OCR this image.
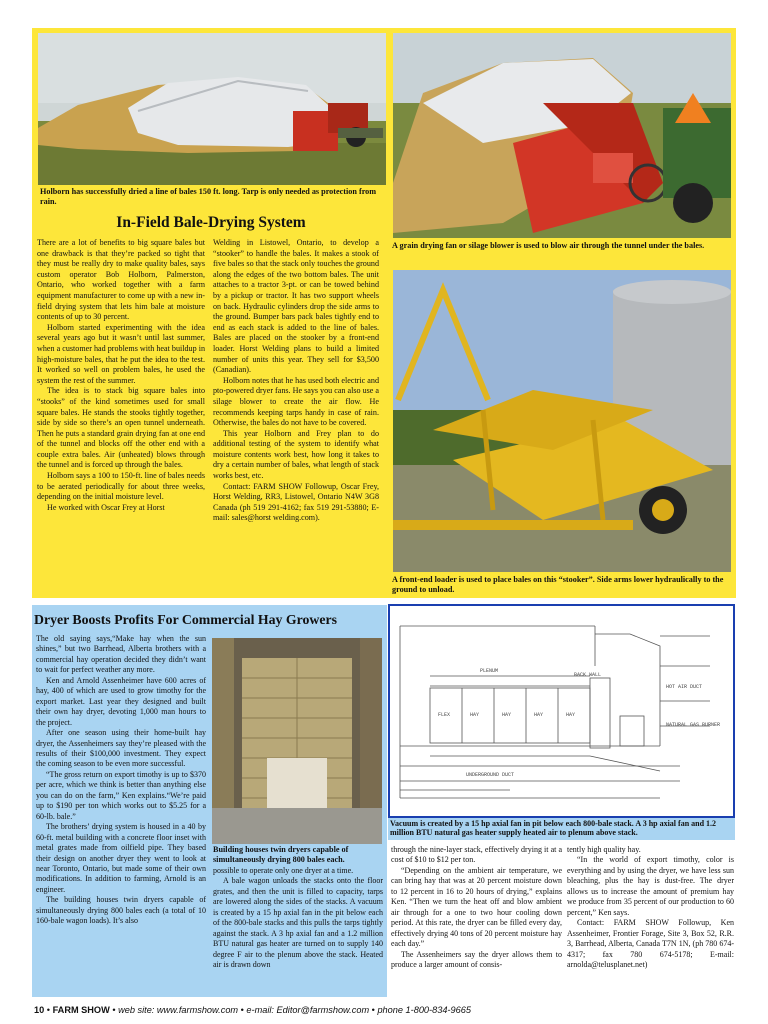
Holborn has successfully dried a line of bales 150 ft. long. Tarp is only needed as protection from rain.
A grain drying fan or silage blower is used to blow air through the tunnel under the bales.
A front-end loader is used to place bales on this “stooker”. Side arms lower hydraulically to the ground to unload.
In-Field Bale-Drying System

There are a lot of benefits to big square bales but one drawback is that they’re packed so tight that they must be really dry to make quality bales, says custom operator Bob Holborn, Palmerston, Ontario, who worked together with a farm equipment manufacturer to come up with a new in-field drying system that lets him bale at moisture contents of up to 30 percent.

Holborn started experimenting with the idea several years ago but it wasn’t until last summer, when a customer had problems with heat buildup in high-moisture bales, that he put the idea to the test. It worked so well on problem bales, he used the system the rest of the summer.

The idea is to stack big square bales into “stooks” of the kind sometimes used for small square bales. He stands the stooks tightly together, side by side so there’s an open tunnel underneath. Then he puts a standard grain drying fan at one end of the tunnel and blocks off the other end with a couple extra bales. Air (unheated) blows through the tunnel and is forced up through the bales.

Holborn says a 100 to 150-ft. line of bales needs to be aerated periodically for about three weeks, depending on the initial moisture level.

He worked with Oscar Frey at Horst

Welding in Listowel, Ontario, to develop a “stooker” to handle the bales. It makes a stook of five bales so that the stack only touches the ground along the edges of the two bottom bales. The unit attaches to a tractor 3-pt. or can be towed behind by a pickup or tractor. It has two support wheels on back. Hydraulic cylinders drop the side arms to the ground. Bumper bars pack bales tightly end to end as each stack is added to the line of bales. Bales are placed on the stooker by a front-end loader. Horst Welding plans to build a limited number of units this year. They sell for $3,500 (Canadian).

Holborn notes that he has used both electric and pto-powered dryer fans. He says you can also use a silage blower to create the air flow. He recommends keeping tarps handy in case of rain. Otherwise, the bales do not have to be covered.

This year Holborn and Frey plan to do additional testing of the system to identify what moisture contents work best, how long it takes to dry a certain number of bales, what length of stack works best, etc.

Contact: FARM SHOW Followup, Oscar Frey, Horst Welding, RR3, Listowel, Ontario N4W 3G8 Canada (ph 519 291-4162; fax 519 291-53880; E-mail: sales@horst welding.com).

Dryer Boosts Profits For Commercial Hay Growers
Building houses twin dryers capable of simultaneously drying 800 bales each.
PLENUM
FLEX	HAY	HAY	HAY	HAY
BACK WALL
UNDERGROUND DUCT
HOT AIR DUCT
NATURAL GAS BURNER
Vacuum is created by a 15 hp axial fan in pit below each 800-bale stack. A 3 hp axial fan and 1.2 million BTU natural gas heater supply heated air to plenum above stack.

The old saying says,“Make hay when the sun shines,” but two Barrhead, Alberta brothers with a commercial hay operation decided they didn’t want to wait for perfect weather any more.

Ken and Arnold Assenheimer have 600 acres of hay, 400 of which are used to grow timothy for the export market. Last year they designed and built their own hay dryer, devoting 1,000 man hours to the project.

After one season using their home-built hay dryer, the Assenheimers say they’re pleased with the results of their $100,000 investment. They expect the coming season to be even more successful.

“The gross return on export timothy is up to $370 per acre, which we think is better than anything else you can do on the farm,” Ken explains.“We’re paid up to $190 per ton which works out to $5.25 for a 60-lb. bale.”

The brothers’ drying system is housed in a 40 by 60-ft. metal building with a concrete floor inset with metal grates made from oilfield pipe. They based their design on another dryer they went to look at near Toronto, Ontario, but made some of their own modifications. In addition to farming, Arnold is an engineer.

The building houses twin dryers capable of simultaneously drying 800 bales each (a total of 10 160-bale wagon loads). It’s also

possible to operate only one dryer at a time.

A bale wagon unloads the stacks onto the floor grates, and then the unit is filled to capacity, tarps are lowered along the sides of the stacks. A vacuum is created by a 15 hp axial fan in the pit below each of the 800-bale stacks and this pulls the tarps tightly against the stack. A 3 hp axial fan and a 1.2 million BTU natural gas heater are turned on to supply 140 degree F air to the plenum above the stack. Heated air is drawn down

through the nine-layer stack, effectively drying it at a cost of $10 to $12 per ton.

“Depending on the ambient air temperature, we can bring hay that was at 20 percent moisture down to 12 percent in 16 to 20 hours of drying,” explains Ken. “Then we turn the heat off and blow ambient air through for a one to two hour cooling down period. At this rate, the dryer can be filled every day, effectively drying 40 tons of 20 percent moisture hay each day.”

The Assenheimers say the dryer allows them to produce a larger amount of consis-

tently high quality hay.

“In the world of export timothy, color is everything and by using the dryer, we have less sun bleaching, plus the hay is dust-free. The dryer allows us to increase the amount of premium hay we produce from 35 percent of our production to 60 percent,” Ken says.

Contact: FARM SHOW Followup, Ken Assenheimer, Frontier Forage, Site 3, Box 52, R.R. 3, Barrhead, Alberta, Canada T7N 1N, (ph 780 674-4317; fax 780 674-5178; E-mail: arnolda@telusplanet.net)

10 • FARM SHOW • web site: www.farmshow.com • e-mail: Editor@farmshow.com • phone 1-800-834-9665
